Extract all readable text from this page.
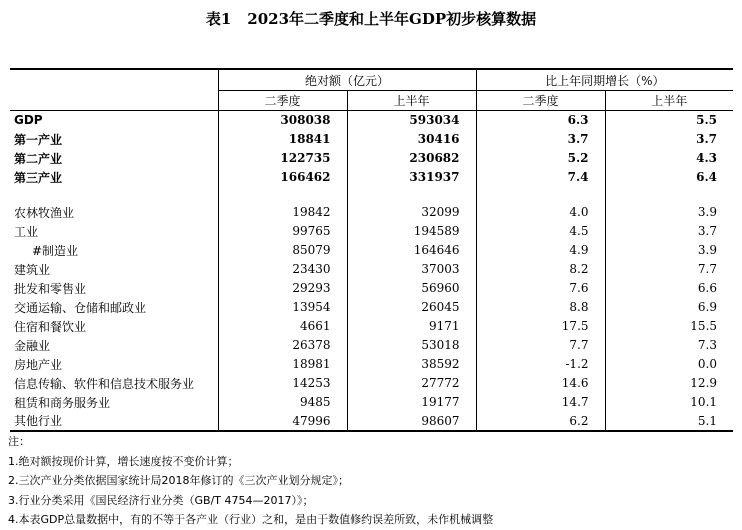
表1 2023年二季度和上半年GDP初步核算数据
	绝对额（亿元）		比上年同期增长（%）	
	二季度	上半年	二季度	上半年
GDP	308038	593034	6.3	5.5
第一产业	18841	30416	3.7	3.7
第二产业	122735	230682	5.2	4.3
第三产业	166462	331937	7.4	6.4

农林牧渔业	19842	32099	4.0	3.9
工业	99765	194589	4.5	3.7
#制造业	85079	164646	4.9	3.9
建筑业	23430	37003	8.2	7.7
批发和零售业	29293	56960	7.6	6.6
交通运输、仓储和邮政业	13954	26045	8.8	6.9
住宿和餐饮业	4661	9171	17.5	15.5
金融业	26378	53018	7.7	7.3
房地产业	18981	38592	-1.2	0.0
信息传输、软件和信息技术服务业	14253	27772	14.6	12.9
租赁和商务服务业	9485	19177	14.7	10.1
其他行业	47996	98607	6.2	5.1
注：
1.绝对额按现价计算，增长速度按不变价计算；
2.三次产业分类依据国家统计局2018年修订的《三次产业划分规定》；
3.行业分类采用《国民经济行业分类（GB/T 4754—2017）》；
4.本表GDP总量数据中，有的不等于各产业（行业）之和，是由于数值修约误差所致，未作机械调整
